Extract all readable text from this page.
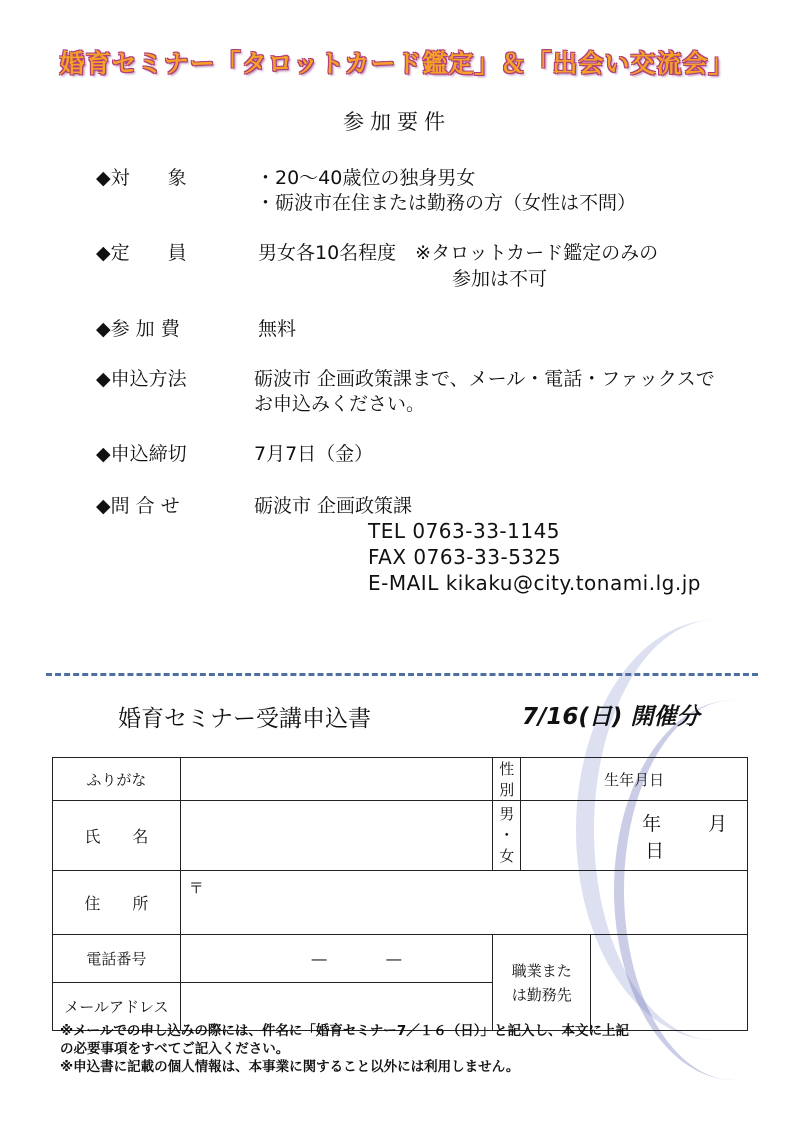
婚育セミナー「タロットカード鑑定」＆「出会い交流会」
参加要件
◆対　　象	・20～40歳位の独身男女
・砺波市在住または勤務の方（女性は不問）
◆定　　員	男女各10名程度　※タロットカード鑑定のみの
参加は不可
◆参 加 費	無料
◆申込方法	砺波市 企画政策課まで、メール・電話・ファックスで
お申込みください。
◆申込締切	7月7日（金）
◆問 合 せ	砺波市 企画政策課
TEL 0763-33-1145
FAX 0763-33-5325
E-MAIL kikaku@city.tonami.lg.jp
婚育セミナー受講申込書	7/16(日) 開催分
ふりがな		性別	生年月日	
氏　　名		男
・
女	年 月 日	
住　　所	〒			
電話番号	― ―	職業また
は勤務先		

メールアドレス				
※メールでの申し込みの際には、件名に「婚育セミナー7／１６（日）」と記入し、本文に上記
の必要事項をすべてご記入ください。
※申込書に記載の個人情報は、本事業に関すること以外には利用しません。
